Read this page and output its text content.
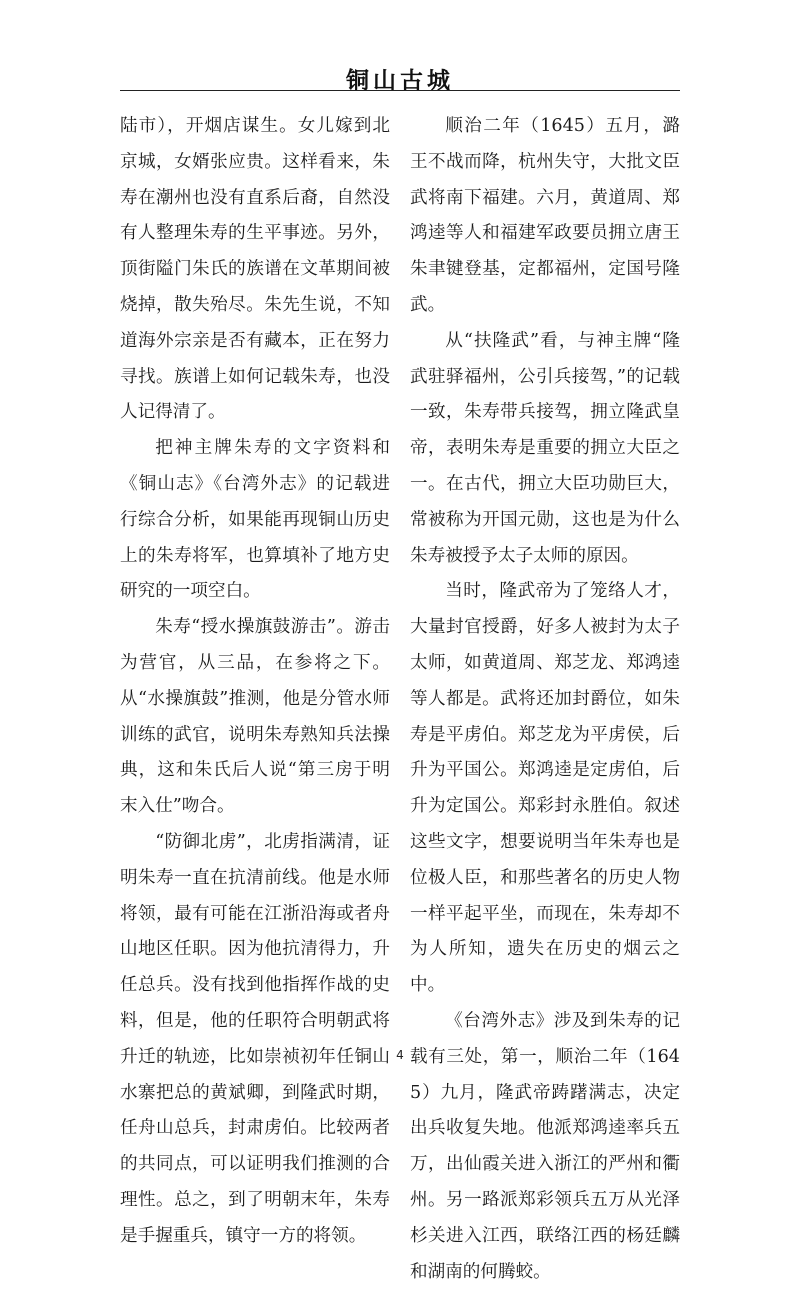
铜山古城

陆市），开烟店谋生。女儿嫁到北京城，女婿张应贵。这样看来，朱寿在潮州也没有直系后裔，自然没有人整理朱寿的生平事迹。另外，顶街隘门朱氏的族谱在文革期间被烧掉，散失殆尽。朱先生说，不知道海外宗亲是否有藏本，正在努力寻找。族谱上如何记载朱寿，也没人记得清了。

把神主牌朱寿的文字资料和《铜山志》《台湾外志》的记载进行综合分析，如果能再现铜山历史上的朱寿将军，也算填补了地方史研究的一项空白。

朱寿“授水操旗鼓游击”。游击为营官，从三品，在参将之下。从“水操旗鼓”推测，他是分管水师训练的武官，说明朱寿熟知兵法操典，这和朱氏后人说“第三房于明末入仕”吻合。

“防御北虏”，北虏指满清，证明朱寿一直在抗清前线。他是水师将领，最有可能在江浙沿海或者舟山地区任职。因为他抗清得力，升任总兵。没有找到他指挥作战的史料，但是，他的任职符合明朝武将升迁的轨迹，比如崇祯初年任铜山水寨把总的黄斌卿，到隆武时期，任舟山总兵，封肃虏伯。比较两者的共同点，可以证明我们推测的合理性。总之，到了明朝末年，朱寿是手握重兵，镇守一方的将领。

顺治二年（1645）五月，潞王不战而降，杭州失守，大批文臣武将南下福建。六月，黄道周、郑鸿逵等人和福建军政要员拥立唐王朱聿键登基，定都福州，定国号隆武。

从“扶隆武”看，与神主牌“隆武驻驿福州，公引兵接驾，”的记载一致，朱寿带兵接驾，拥立隆武皇帝，表明朱寿是重要的拥立大臣之一。在古代，拥立大臣功勋巨大，常被称为开国元勋，这也是为什么朱寿被授予太子太师的原因。

当时，隆武帝为了笼络人才，大量封官授爵，好多人被封为太子太师，如黄道周、郑芝龙、郑鸿逵等人都是。武将还加封爵位，如朱寿是平虏伯。郑芝龙为平虏侯，后升为平国公。郑鸿逵是定虏伯，后升为定国公。郑彩封永胜伯。叙述这些文字，想要说明当年朱寿也是位极人臣，和那些著名的历史人物一样平起平坐，而现在，朱寿却不为人所知，遗失在历史的烟云之中。

《台湾外志》涉及到朱寿的记载有三处，第一，顺治二年（1645）九月，隆武帝踌躇满志，决定出兵收复失地。他派郑鸿逵率兵五万，出仙霞关进入浙江的严州和衢州。另一路派郑彩领兵五万从光泽杉关进入江西，联络江西的杨廷麟和湖南的何腾蛟。

4
